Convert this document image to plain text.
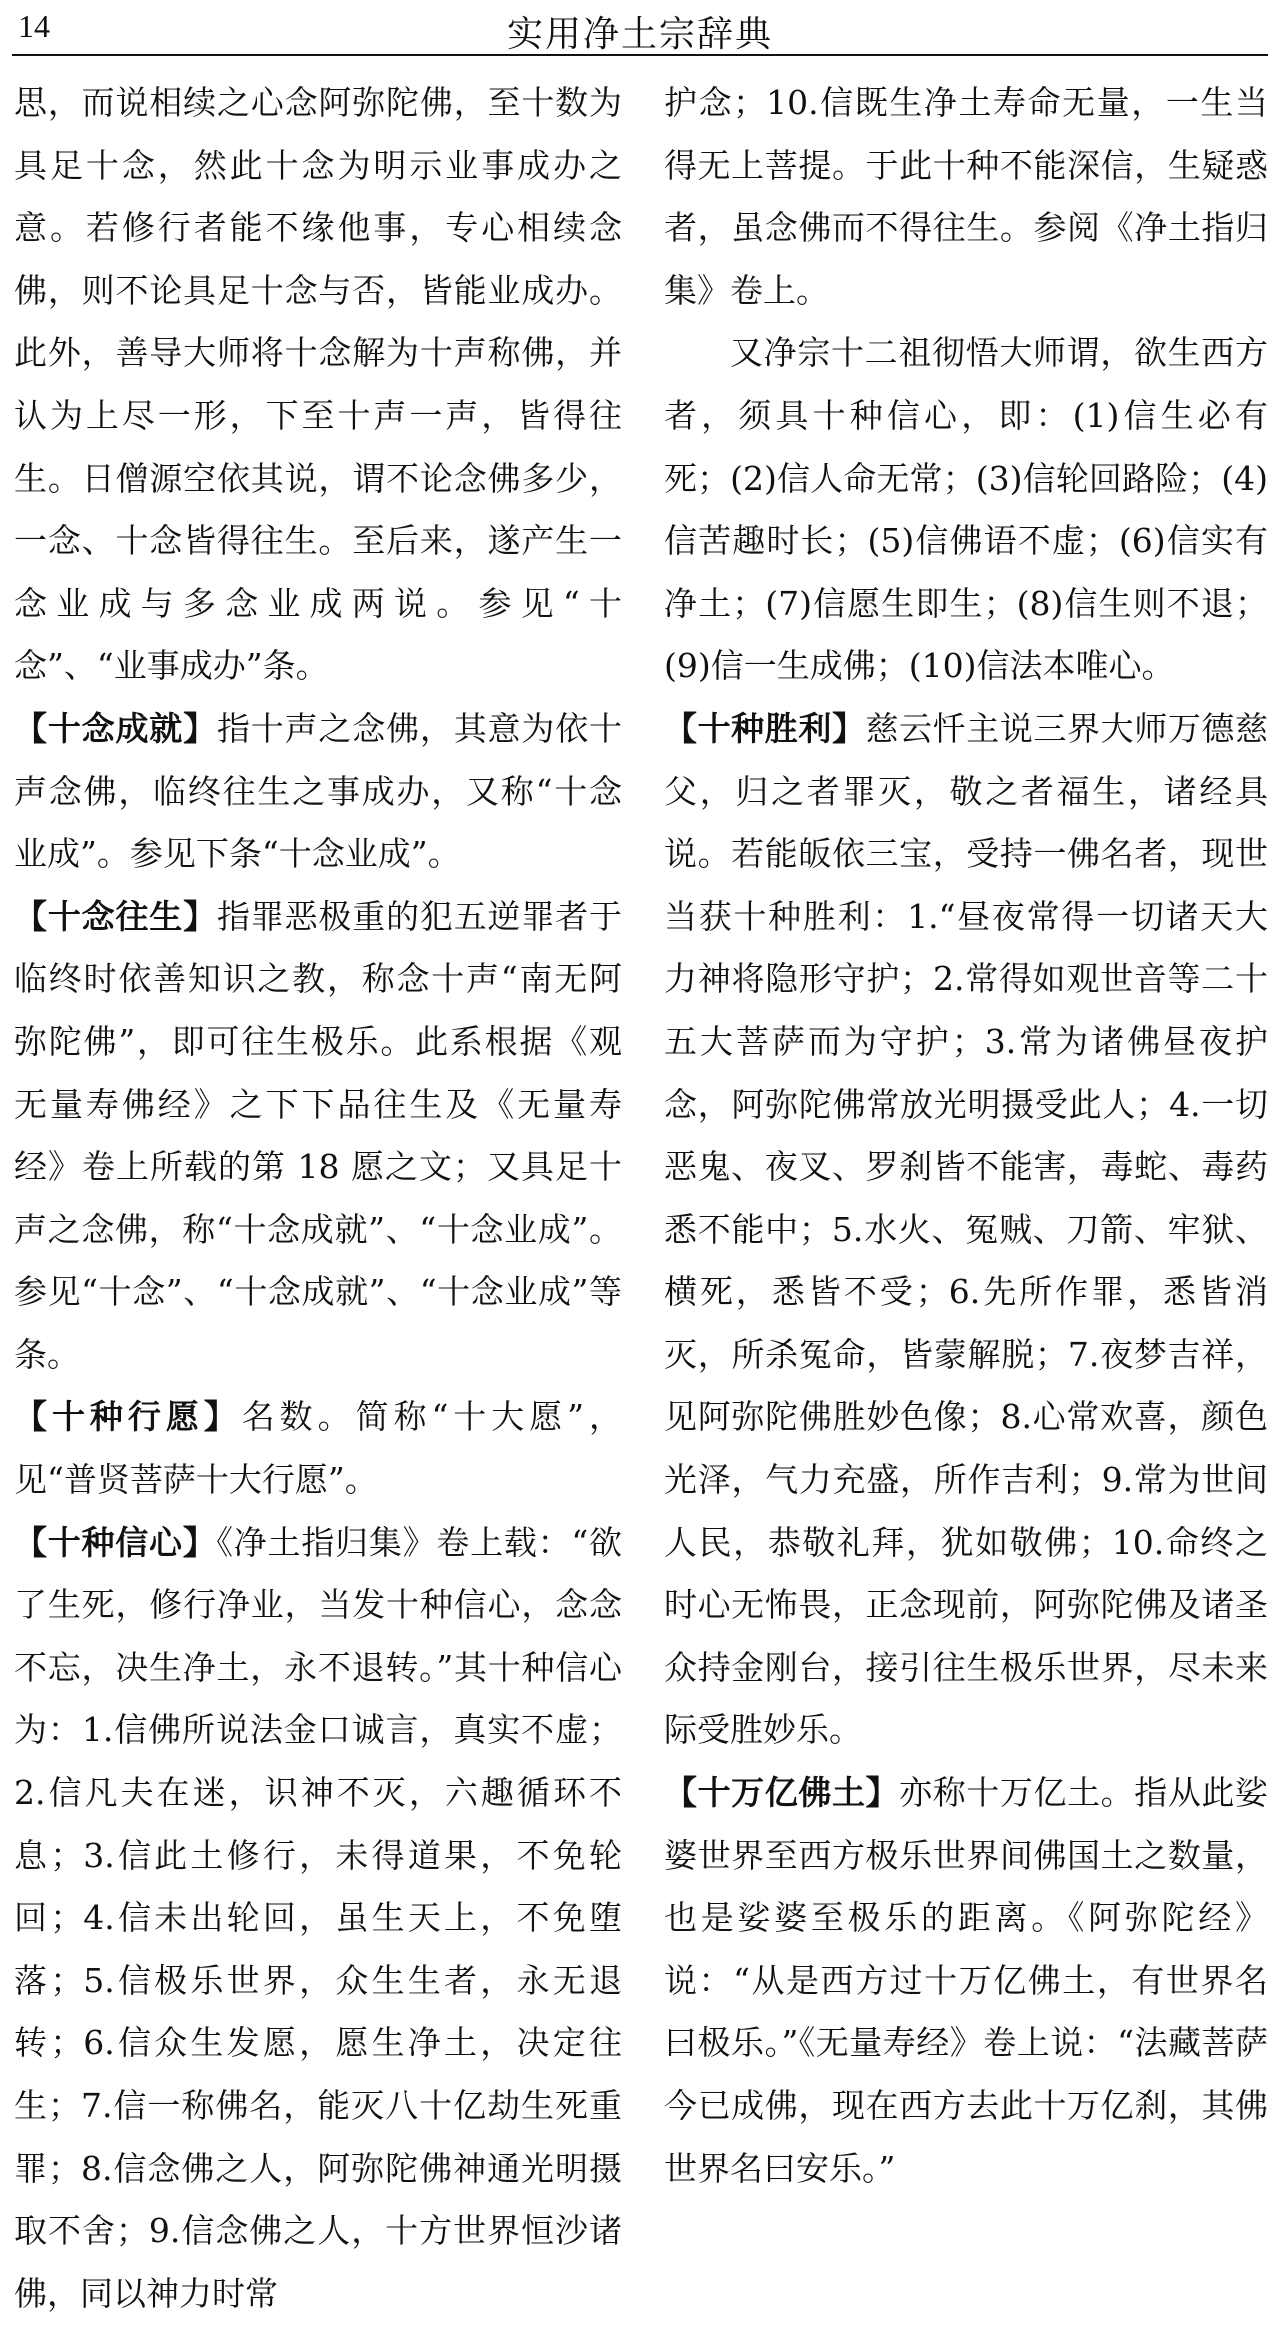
14	实用净土宗辞典

思，而说相续之心念阿弥陀佛，至十数为具足十念，然此十念为明示业事成办之意。若修行者能不缘他事，专心相续念佛，则不论具足十念与否，皆能业成办。此外，善导大师将十念解为十声称佛，并认为上尽一形，下至十声一声，皆得往生。日僧源空依其说，谓不论念佛多少，一念、十念皆得往生。至后来，遂产生一念业成与多念业成两说。参见“十念”、“业事成办”条。

【十念成就】指十声之念佛，其意为依十声念佛，临终往生之事成办，又称“十念业成”。参见下条“十念业成”。

【十念往生】指罪恶极重的犯五逆罪者于临终时依善知识之教，称念十声“南无阿弥陀佛”，即可往生极乐。此系根据《观无量寿佛经》之下下品往生及《无量寿经》卷上所载的第 18 愿之文；又具足十声之念佛，称“十念成就”、“十念业成”。参见“十念”、“十念成就”、“十念业成”等条。

【十种行愿】名数。简称“十大愿”，见“普贤菩萨十大行愿”。

【十种信心】《净土指归集》卷上载：“欲了生死，修行净业，当发十种信心，念念不忘，决生净土，永不退转。”其十种信心为：1.信佛所说法金口诚言，真实不虚；2.信凡夫在迷，识神不灭，六趣循环不息；3.信此土修行，未得道果，不免轮回；4.信未出轮回，虽生天上，不免堕落；5.信极乐世界，众生生者，永无退转；6.信众生发愿，愿生净土，决定往生；7.信一称佛名，能灭八十亿劫生死重罪；8.信念佛之人，阿弥陀佛神通光明摄取不舍；9.信念佛之人，十方世界恒沙诸佛，同以神力时常

护念；10.信既生净土寿命无量，一生当得无上菩提。于此十种不能深信，生疑惑者，虽念佛而不得往生。参阅《净土指归集》卷上。

又净宗十二祖彻悟大师谓，欲生西方者，须具十种信心，即：(1)信生必有死；(2)信人命无常；(3)信轮回路险；(4)信苦趣时长；(5)信佛语不虚；(6)信实有净土；(7)信愿生即生；(8)信生则不退；(9)信一生成佛；(10)信法本唯心。

【十种胜利】慈云忏主说三界大师万德慈父，归之者罪灭，敬之者福生，诸经具说。若能皈依三宝，受持一佛名者，现世当获十种胜利：1.“昼夜常得一切诸天大力神将隐形守护；2.常得如观世音等二十五大菩萨而为守护；3.常为诸佛昼夜护念，阿弥陀佛常放光明摄受此人；4.一切恶鬼、夜叉、罗刹皆不能害，毒蛇、毒药悉不能中；5.水火、冤贼、刀箭、牢狱、横死，悉皆不受；6.先所作罪，悉皆消灭，所杀冤命，皆蒙解脱；7.夜梦吉祥，见阿弥陀佛胜妙色像；8.心常欢喜，颜色光泽，气力充盛，所作吉利；9.常为世间人民，恭敬礼拜，犹如敬佛；10.命终之时心无怖畏，正念现前，阿弥陀佛及诸圣众持金刚台，接引往生极乐世界，尽未来际受胜妙乐。

【十万亿佛土】亦称十万亿土。指从此娑婆世界至西方极乐世界间佛国土之数量，也是娑婆至极乐的距离。《阿弥陀经》说：“从是西方过十万亿佛土，有世界名曰极乐。”《无量寿经》卷上说：“法藏菩萨今已成佛，现在西方去此十万亿刹，其佛世界名曰安乐。”
